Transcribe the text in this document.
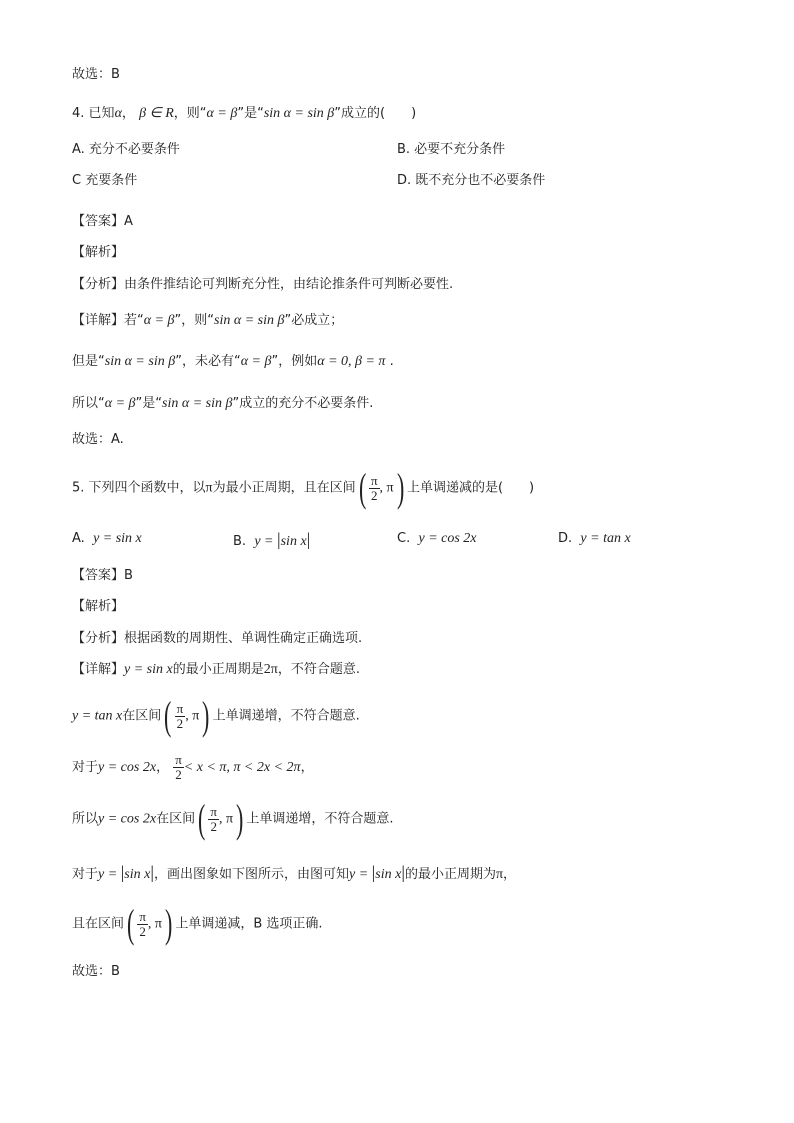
故选：B
4. 已知α， β ∈ R，则“α = β”是“sin α = sin β”成立的(　　)
A. 充分不必要条件	B. 必要不充分条件
C 充要条件	D. 既不充分也不必要条件
【答案】A
【解析】
【分析】由条件推结论可判断充分性，由结论推条件可判断必要性.
【详解】若“α = β”，则“sin α = sin β”必成立；
但是“sin α = sin β”，未必有“α = β”，例如α = 0, β = π .
所以“α = β”是“sin α = sin β”成立的充分不必要条件.
故选：A.
5. 下列四个函数中，以π为最小正周期，且在区间( $\frac{\pi}{2}$ , π) 上单调递减的是(　　)
A. y = sin x	B. y = |sin x|	C. y = cos 2x	D. y = tan x
【答案】B
【解析】
【分析】根据函数的周期性、单调性确定正确选项.
【详解】y = sin x的最小正周期是2π，不符合题意.
y = tan x在区间( $\frac{\pi}{2}$ , π) 上单调递增，不符合题意.
对于y = cos 2x， $\frac{\pi}{2} < x < \pi$, π < 2x < 2π，
所以y = cos 2x在区间( $\frac{\pi}{2}$ , π) 上单调递增，不符合题意.
对于y = |sin x|，画出图象如下图所示，由图可知y = |sin x|的最小正周期为π，
且在区间( $\frac{\pi}{2}$ , π) 上单调递减，B 选项正确.
故选：B
